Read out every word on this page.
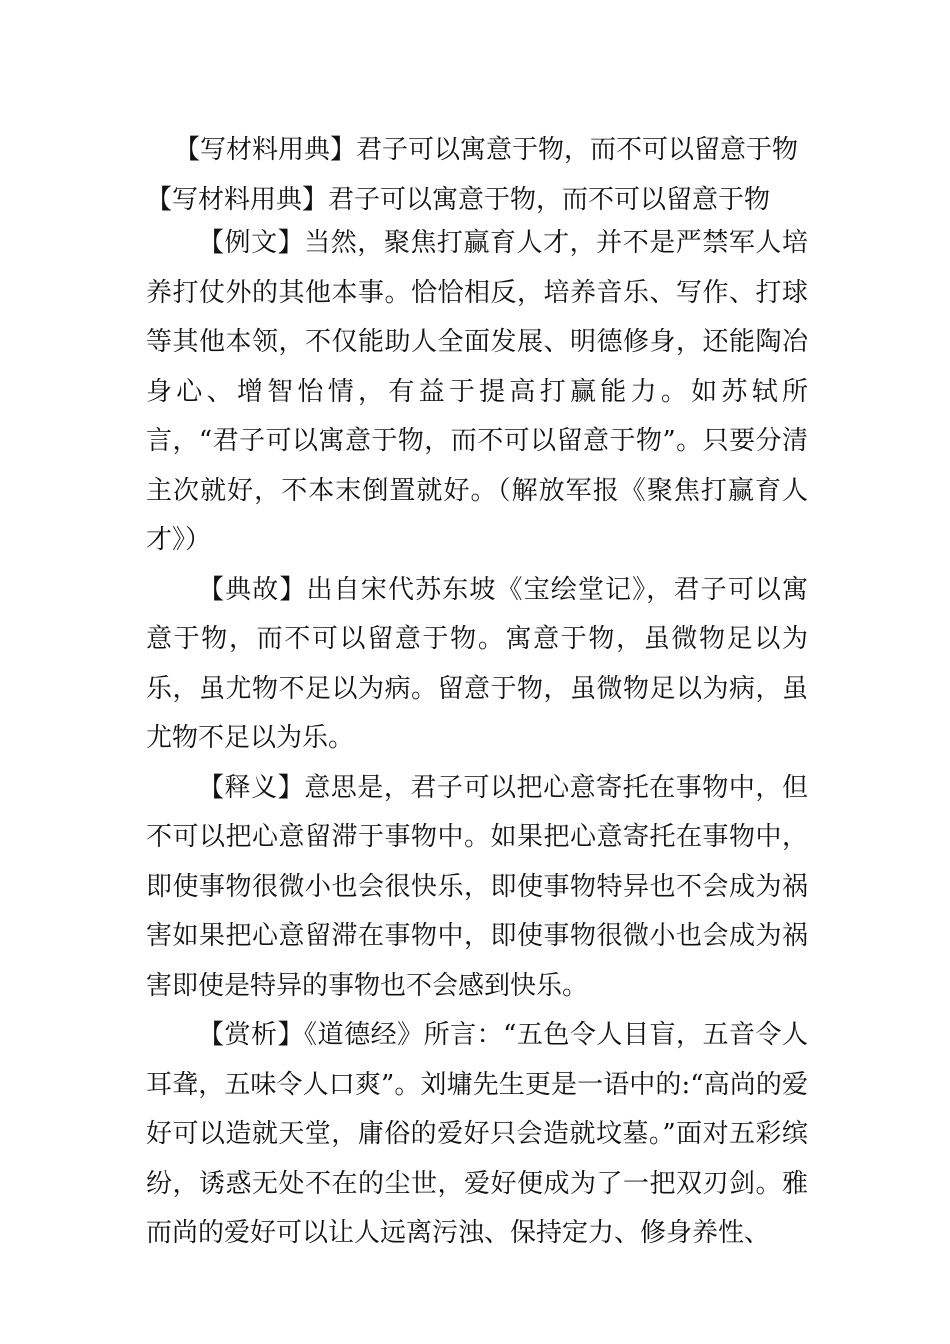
【写材料用典】君子可以寓意于物，而不可以留意于物
【写材料用典】君子可以寓意于物，而不可以留意于物

【例文】当然，聚焦打赢育人才，并不是严禁军人培养打仗外的其他本事。恰恰相反，培养音乐、写作、打球等其他本领，不仅能助人全面发展、明德修身，还能陶冶身心、增智怡情，有益于提高打赢能力。如苏轼所言，“君子可以寓意于物，而不可以留意于物”。只要分清主次就好，不本末倒置就好。（解放军报《聚焦打赢育人才》）

【典故】出自宋代苏东坡《宝绘堂记》，君子可以寓意于物，而不可以留意于物。寓意于物，虽微物足以为乐，虽尤物不足以为病。留意于物，虽微物足以为病，虽尤物不足以为乐。

【释义】意思是，君子可以把心意寄托在事物中，但不可以把心意留滞于事物中。如果把心意寄托在事物中，即使事物很微小也会很快乐，即使事物特异也不会成为祸害如果把心意留滞在事物中，即使事物很微小也会成为祸害即使是特异的事物也不会感到快乐。

【赏析】《道德经》所言：“五色令人目盲，五音令人耳聋，五味令人口爽”。刘墉先生更是一语中的:“高尚的爱好可以造就天堂，庸俗的爱好只会造就坟墓。”面对五彩缤纷，诱惑无处不在的尘世，爱好便成为了一把双刃剑。雅而尚的爱好可以让人远离污浊、保持定力、修身养性、
